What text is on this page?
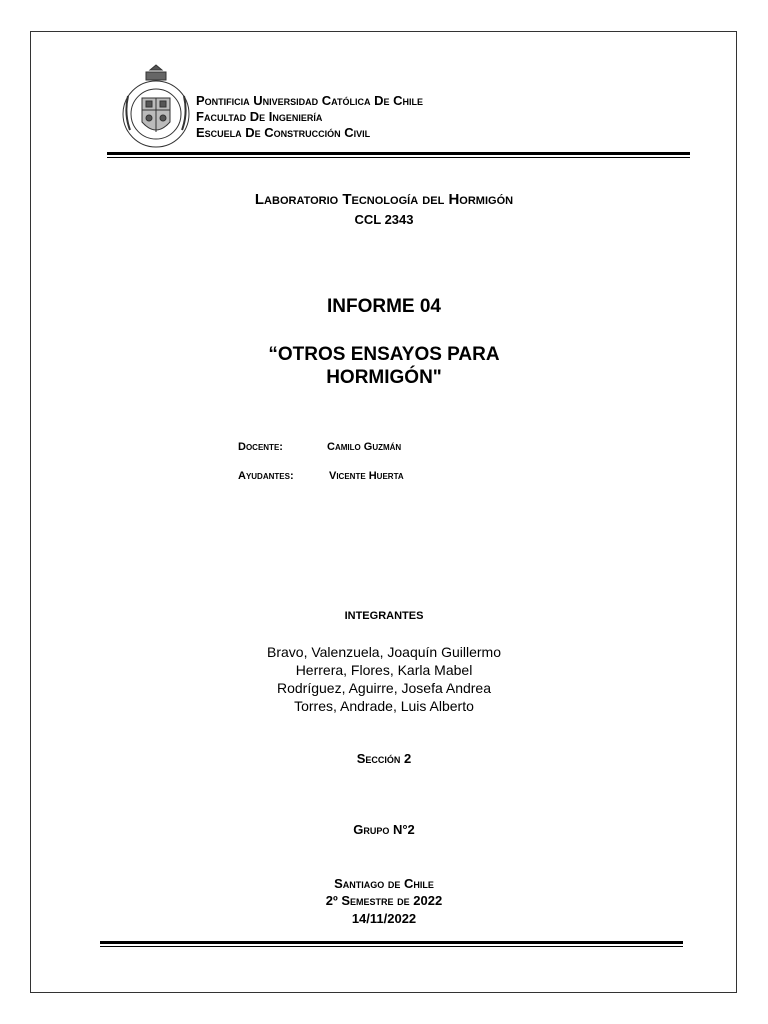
Pontificia Universidad Católica De Chile
Facultad De Ingeniería
Escuela De Construcción Civil
Laboratorio Tecnología del Hormigón
CCL 2343
INFORME 04
“OTROS ENSAYOS PARA
HORMIGÓN"
Docente:	Camilo Guzmán
Ayudantes:	Vicente Huerta
INTEGRANTES
Bravo, Valenzuela, Joaquín Guillermo
Herrera, Flores, Karla Mabel
Rodríguez, Aguirre, Josefa Andrea
Torres, Andrade, Luis Alberto
Sección 2
Grupo N°2
Santiago de Chile
2º Semestre de 2022
14/11/2022
